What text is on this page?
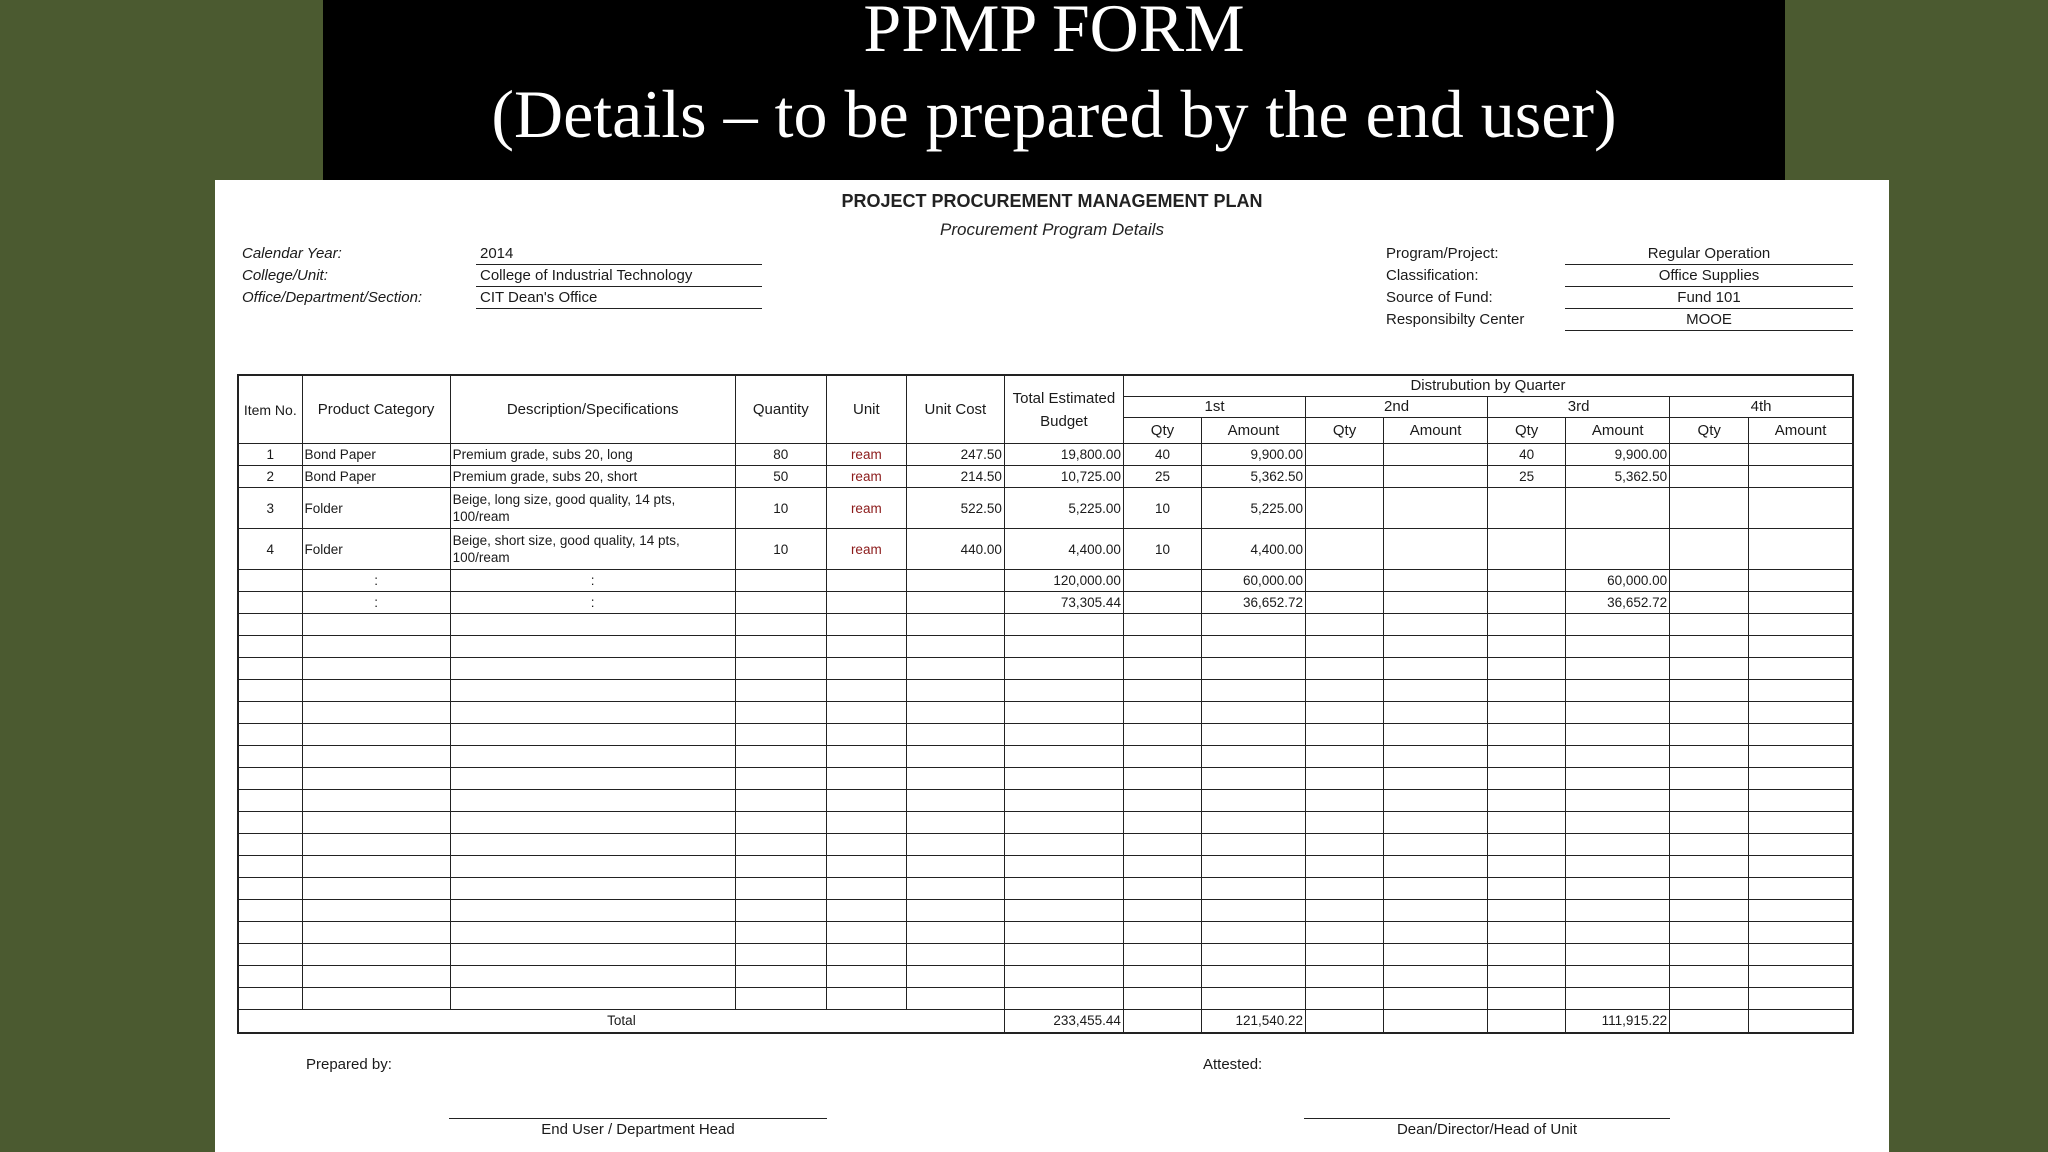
PPMP FORM
(Details – to be prepared by the end user)
PROJECT PROCUREMENT MANAGEMENT PLAN
Procurement Program Details
Calendar Year:	2014
College/Unit:	College of Industrial Technology
Office/Department/Section:	CIT Dean's Office
Program/Project:	Regular Operation
Classification:	Office Supplies
Source of Fund:	Fund 101
Responsibilty Center	MOOE
Item No.	Product Category	Description/Specifications	Quantity	Unit	Unit Cost	Total Estimated Budget	Distrubution by Quarter							
							1st		2nd		3rd		4th	
							Qty	Amount	Qty	Amount	Qty	Amount	Qty	Amount
1	Bond Paper	Premium grade, subs 20, long	80	ream	247.50	19,800.00	40	9,900.00			40	9,900.00		
2	Bond Paper	Premium grade, subs 20, short	50	ream	214.50	10,725.00	25	5,362.50			25	5,362.50		
3	Folder	Beige, long size, good quality, 14 pts, 100/ream	10	ream	522.50	5,225.00	10	5,225.00						
4	Folder	Beige, short size, good quality, 14 pts, 100/ream	10	ream	440.00	4,400.00	10	4,400.00						
	:	:				120,000.00		60,000.00				60,000.00		
	:	:				73,305.44		36,652.72				36,652.72		

Total						233,455.44		121,540.22				111,915.22		
Prepared by:	Attested:
End User / Department Head	Dean/Director/Head of Unit
